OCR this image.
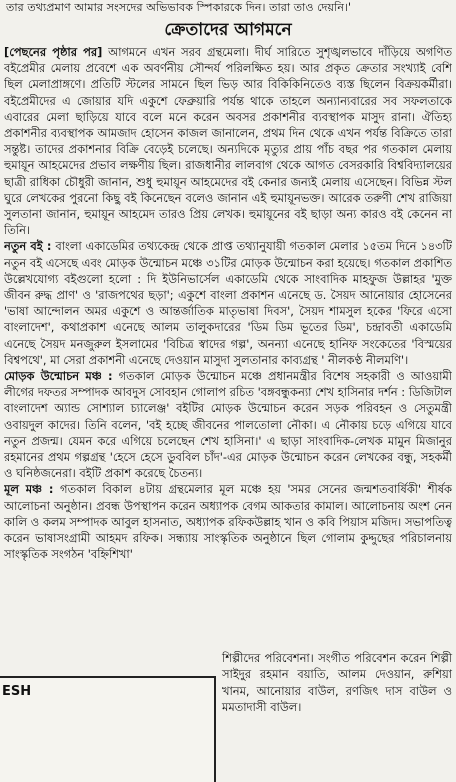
তার তথ্যপ্রমাণ আমার সংসদের অভিভাবক স্পিকারকে দিন। তারা তাও দেয়নি।'
ক্রেতাদের আগমনে

[পেছনের পৃষ্ঠার পর] আগমনে এখন সরব গ্রন্থমেলা। দীর্ঘ সারিতে সুশৃঙ্খলভাবে দাঁড়িয়ে অগণিত বইপ্রেমীর মেলায় প্রবেশে এক অবর্ণনীয় সৌন্দর্য পরিলক্ষিত হয়। আর প্রকৃত ক্রেতার সংখ্যাই বেশি ছিল মেলাপ্রাঙ্গণে। প্রতিটি স্টলের সামনে ছিল ভিড় আর বিকিকিনিতেও ব্যস্ত ছিলেন বিক্রয়কর্মীরা। বইপ্রেমীদের এ জোয়ার যদি একুশে ফেব্রুয়ারি পর্যন্ত থাকে তাহলে অন্যান্যবারের সব সফলতাকে এবারের মেলা ছাড়িয়ে যাবে বলে মনে করেন অবসর প্রকাশনীর ব্যবস্থাপক মাসুদ রানা। ঐতিহ্য প্রকাশনীর ব্যবস্থাপক আমজাদ হোসেন কাজল জানালেন, প্রথম দিন থেকে এখন পর্যন্ত বিক্রিতে তারা সন্তুষ্ট। তাদের প্রকাশনার বিক্রি বেড়েই চলেছে। অন্যদিকে মৃত্যুর প্রায় পাঁচ বছর পর গতকাল মেলায় হুমায়ূন আহমেদের প্রভাব লক্ষণীয় ছিল। রাজধানীর লালবাগ থেকে আগত বেসরকারি বিশ্ববিদ্যালয়ের ছাত্রী রাধিকা চৌধুরী জানান, শুধু হুমায়ূন আহমেদের বই কেনার জন্যই মেলায় এসেছেন। বিভিন্ন স্টল ঘুরে লেখকের পুরনো কিছু বই কিনেছেন বলেও জানান এই হুমায়ূনভক্ত। আরেক তরুণী শেখ রাজিয়া সুলতানা জানান, হুমায়ূন আহমেদ তারও প্রিয় লেখক। হুমায়ূনের বই ছাড়া অন্য কারও বই কেনেন না তিনি।

নতুন বই : বাংলা একাডেমির তথ্যকেন্দ্র থেকে প্রাপ্ত তথ্যানুযায়ী গতকাল মেলার ১৫তম দিনে ১৪৩টি নতুন বই এসেছে এবং মোড়ক উন্মোচন মঞ্চে ৩১টির মোড়ক উন্মোচন করা হয়েছে। গতকাল প্রকাশিত উল্লেখযোগ্য বইগুলো হলো : দি ইউনিভার্সেল একাডেমি থেকে সাংবাদিক মাহফুজ উল্লাহর 'মুক্ত জীবন রুদ্ধ প্রাণ' ও 'রাজপথের ছড়া'; একুশে বাংলা প্রকাশন এনেছে ড. সৈয়দ আনোয়ার হোসেনের 'ভাষা আন্দোলন অমর একুশে ও আন্তর্জাতিক মাতৃভাষা দিবস', সৈয়দ শামসুল হকের 'ফিরে এসো বাংলাদেশ', কথাপ্রকাশ এনেছে আলম তালুকদারের 'ডিম ডিম ভূতের ডিম', চন্দ্রাবতী একাডেমি এনেছে সৈয়দ মনজুরুল ইসলামের 'বিচিত্র স্বাদের গল্প', অনন্যা এনেছে হানিফ সংকেতের 'বিস্ময়ের বিশ্বপথে', মা সেরা প্রকাশনী এনেছে দেওয়ান মাসুদা সুলতানার কাব্যগ্রন্থ ' নীলকণ্ঠ নীলমণি'।

মোড়ক উন্মোচন মঞ্চ : গতকাল মোড়ক উন্মোচন মঞ্চে প্রধানমন্ত্রীর বিশেষ সহকারী ও আওয়ামী লীগের দফতর সম্পাদক আবদুস সোবহান গোলাপ রচিত 'বঙ্গবন্ধুকন্যা শেখ হাসিনার দর্শন : ডিজিটাল বাংলাদেশ অ্যান্ড সোশ্যাল চ্যালেঞ্জ' বইটির মোড়ক উন্মোচন করেন সড়ক পরিবহন ও সেতুমন্ত্রী ওবায়দুল কাদের। তিনি বলেন, 'বই হচ্ছে জীবনের পালতোলা নৌকা। এ নৌকায় চড়ে এগিয়ে যাবে নতুন প্রজন্ম। যেমন করে এগিয়ে চলেছেন শেখ হাসিনা।' এ ছাড়া সাংবাদিক-লেখক মামুন মিজানুর রহমানের প্রথম গল্পগ্রন্থ 'হেসে হেসে ডুববিল চাঁদ'-এর মোড়ক উন্মোচন করেন লেখকের বন্ধু, সহকর্মী ও ঘনিষ্ঠজনেরা। বইটি প্রকাশ করেছে চৈতন্য।

মূল মঞ্চ : গতকাল বিকাল ৪টায় গ্রন্থমেলার মূল মঞ্চে হয় 'সমর সেনের জন্মশতবার্ষিকী' শীর্ষক আলোচনা অনুষ্ঠান। প্রবন্ধ উপস্থাপন করেন অধ্যাপক বেগম আকতার কামাল। আলোচনায় অংশ নেন কালি ও কলম সম্পাদক আবুল হাসনাত, অধ্যাপক রফিকউল্লাহ খান ও কবি পিয়াস মজিদ। সভাপতিত্ব করেন ভাষাসংগ্রামী আহমদ রফিক। সন্ধ্যায় সাংস্কৃতিক অনুষ্ঠানে ছিল গোলাম কুদ্দুছের পরিচালনায় সাংস্কৃতিক সংগঠন 'বহ্নিশিখা'

শিল্পীদের পরিবেশনা। সংগীত পরিবেশন করেন শিল্পী সাইদুর রহমান বয়াতি, আলম দেওয়ান, রুশিয়া খানম, আনোয়ার বাউল, রণজিৎ দাস বাউল ও মমতাদাসী বাউল।

ESH
